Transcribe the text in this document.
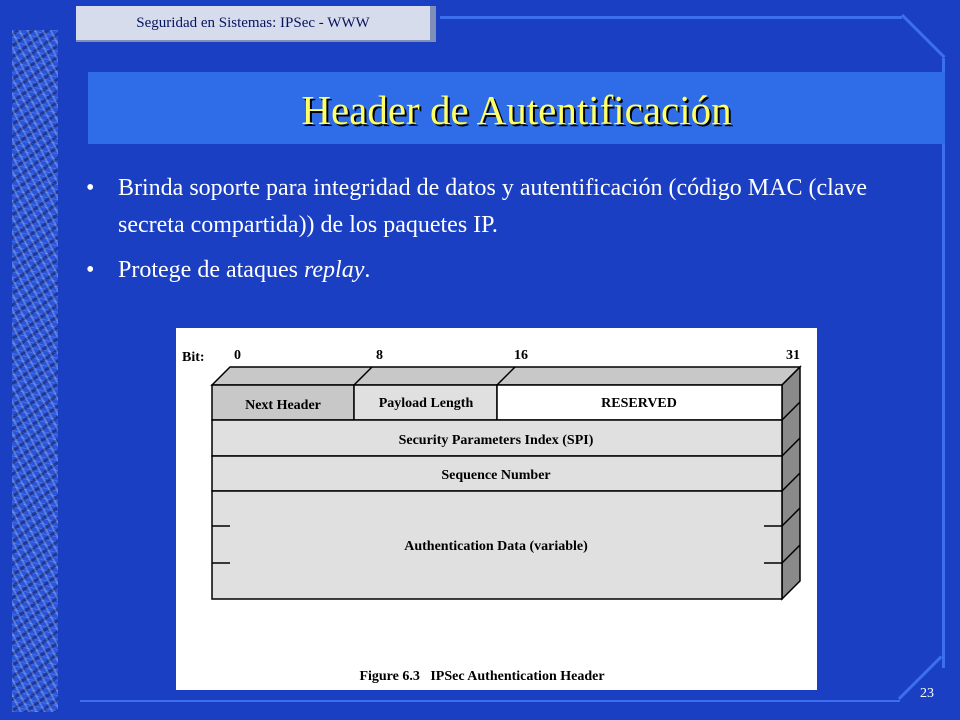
Seguridad en Sistemas: IPSec - WWW
Header de Autentificación
• Brinda soporte para integridad de datos y autentificación (código MAC (clave secreta compartida)) de los paquetes IP.
• Protege de ataques replay.
Bit: 0	8	16	31
Next Header	Payload Length	RESERVED
Security Parameters Index (SPI)
Sequence Number
Authentication Data (variable)
Figure 6.3   IPSec Authentication Header
23
